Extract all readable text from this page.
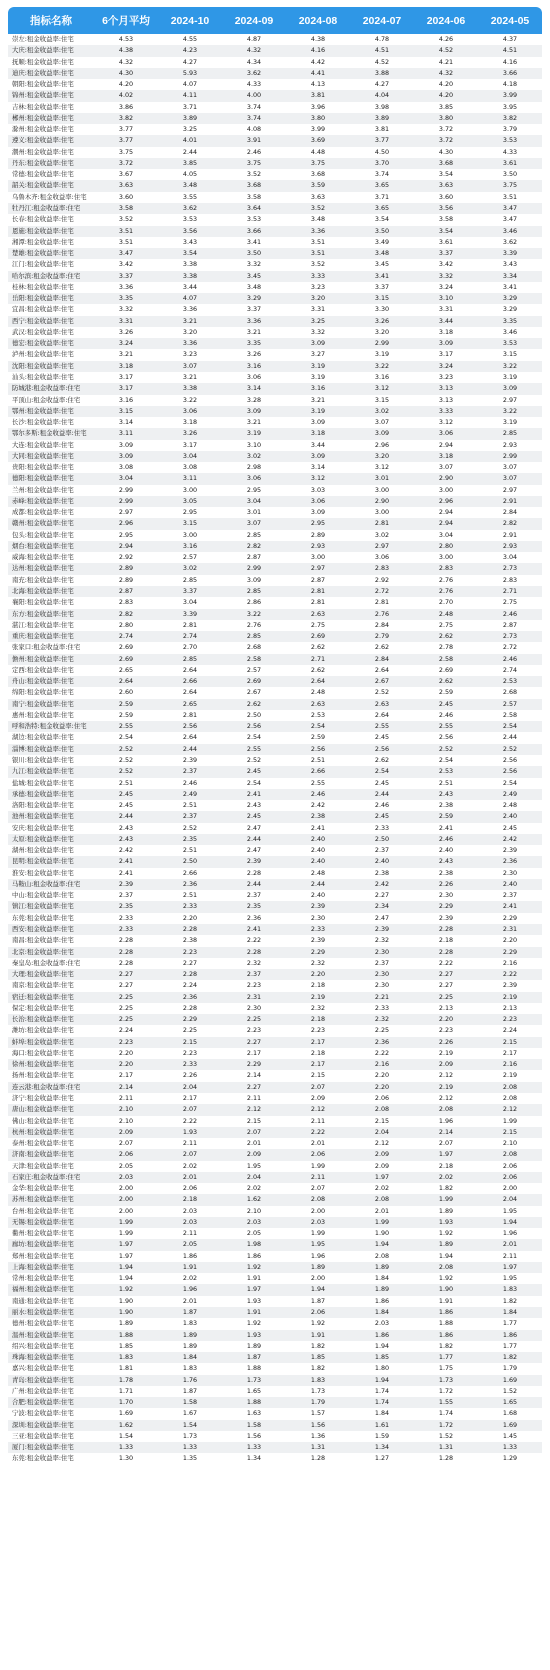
指标名称	6个月平均	2024-10	2024-09	2024-08	2024-07	2024-06	2024-05
崇左:租金收益率:住宅	4.53	4.55	4.87	4.38	4.78	4.26	4.37
大庆:租金收益率:住宅	4.38	4.23	4.32	4.16	4.51	4.52	4.51
抚顺:租金收益率:住宅	4.32	4.27	4.34	4.42	4.52	4.21	4.16
迪庆:租金收益率:住宅	4.30	5.93	3.62	4.41	3.88	4.32	3.66
朝阳:租金收益率:住宅	4.20	4.07	4.33	4.13	4.27	4.20	4.18
锦州:租金收益率:住宅	4.02	4.11	4.00	3.81	4.04	4.20	3.99
吉林:租金收益率:住宅	3.86	3.71	3.74	3.96	3.98	3.85	3.95
郴州:租金收益率:住宅	3.82	3.89	3.74	3.80	3.89	3.80	3.82
滁州:租金收益率:住宅	3.77	3.25	4.08	3.99	3.81	3.72	3.79
遵义:租金收益率:住宅	3.77	4.01	3.91	3.69	3.77	3.72	3.53
潮州:租金收益率:住宅	3.75	2.44	2.46	4.48	4.50	4.30	4.33
丹东:租金收益率:住宅	3.72	3.85	3.75	3.75	3.70	3.68	3.61
常德:租金收益率:住宅	3.67	4.05	3.52	3.68	3.74	3.54	3.50
韶关:租金收益率:住宅	3.63	3.48	3.68	3.59	3.65	3.63	3.75
乌鲁木齐:租金收益率:住宅	3.60	3.55	3.58	3.63	3.71	3.60	3.51
牡丹江:租金收益率:住宅	3.58	3.62	3.64	3.52	3.65	3.56	3.47
长春:租金收益率:住宅	3.52	3.53	3.53	3.48	3.54	3.58	3.47
恩施:租金收益率:住宅	3.51	3.56	3.66	3.36	3.50	3.54	3.46
湘潭:租金收益率:住宅	3.51	3.43	3.41	3.51	3.49	3.61	3.62
楚雄:租金收益率:住宅	3.47	3.54	3.50	3.51	3.48	3.37	3.39
江门:租金收益率:住宅	3.42	3.38	3.32	3.52	3.45	3.42	3.43
哈尔滨:租金收益率:住宅	3.37	3.38	3.45	3.33	3.41	3.32	3.34
桂林:租金收益率:住宅	3.36	3.44	3.48	3.23	3.37	3.24	3.41
岳阳:租金收益率:住宅	3.35	4.07	3.29	3.20	3.15	3.10	3.29
宜昌:租金收益率:住宅	3.32	3.36	3.37	3.31	3.30	3.31	3.29
西宁:租金收益率:住宅	3.31	3.21	3.36	3.25	3.26	3.44	3.35
武汉:租金收益率:住宅	3.26	3.20	3.21	3.32	3.20	3.18	3.46
德宏:租金收益率:住宅	3.24	3.36	3.35	3.09	2.99	3.09	3.53
泸州:租金收益率:住宅	3.21	3.23	3.26	3.27	3.19	3.17	3.15
沈阳:租金收益率:住宅	3.18	3.07	3.16	3.19	3.22	3.24	3.22
汕头:租金收益率:住宅	3.17	3.21	3.06	3.19	3.16	3.23	3.19
防城港:租金收益率:住宅	3.17	3.38	3.14	3.16	3.12	3.13	3.09
平顶山:租金收益率:住宅	3.16	3.22	3.28	3.21	3.15	3.13	2.97
鄂州:租金收益率:住宅	3.15	3.06	3.09	3.19	3.02	3.33	3.22
长沙:租金收益率:住宅	3.14	3.18	3.21	3.09	3.07	3.12	3.19
鄂尔多斯:租金收益率:住宅	3.11	3.26	3.19	3.18	3.09	3.06	2.85
大连:租金收益率:住宅	3.09	3.17	3.10	3.44	2.96	2.94	2.93
大同:租金收益率:住宅	3.09	3.04	3.02	3.09	3.20	3.18	2.99
贵阳:租金收益率:住宅	3.08	3.08	2.98	3.14	3.12	3.07	3.07
德阳:租金收益率:住宅	3.04	3.11	3.06	3.12	3.01	2.90	3.07
兰州:租金收益率:住宅	2.99	3.00	2.95	3.03	3.00	3.00	2.97
赤峰:租金收益率:住宅	2.99	3.05	3.04	3.06	2.90	2.96	2.91
成都:租金收益率:住宅	2.97	2.95	3.01	3.09	3.00	2.94	2.84
赣州:租金收益率:住宅	2.96	3.15	3.07	2.95	2.81	2.94	2.82
包头:租金收益率:住宅	2.95	3.00	2.85	2.89	3.02	3.04	2.91
烟台:租金收益率:住宅	2.94	3.16	2.82	2.93	2.97	2.80	2.93
威海:租金收益率:住宅	2.92	2.57	2.87	3.00	3.06	3.00	3.04
达州:租金收益率:住宅	2.89	3.02	2.99	2.97	2.83	2.83	2.73
南充:租金收益率:住宅	2.89	2.85	3.09	2.87	2.92	2.76	2.83
北海:租金收益率:住宅	2.87	3.37	2.85	2.81	2.72	2.76	2.71
襄阳:租金收益率:住宅	2.83	3.04	2.86	2.81	2.81	2.70	2.75
东方:租金收益率:住宅	2.82	3.39	3.22	2.63	2.76	2.48	2.46
湛江:租金收益率:住宅	2.80	2.81	2.76	2.75	2.84	2.75	2.87
重庆:租金收益率:住宅	2.74	2.74	2.85	2.69	2.79	2.62	2.73
张家口:租金收益率:住宅	2.69	2.70	2.68	2.62	2.62	2.78	2.72
儋州:租金收益率:住宅	2.69	2.85	2.58	2.71	2.84	2.58	2.46
定西:租金收益率:住宅	2.65	2.64	2.57	2.62	2.64	2.69	2.74
舟山:租金收益率:住宅	2.64	2.66	2.69	2.64	2.67	2.62	2.53
绵阳:租金收益率:住宅	2.60	2.64	2.67	2.48	2.52	2.59	2.68
南宁:租金收益率:住宅	2.59	2.65	2.62	2.63	2.63	2.45	2.57
惠州:租金收益率:住宅	2.59	2.81	2.50	2.53	2.64	2.46	2.58
呼和浩特:租金收益率:住宅	2.55	2.56	2.56	2.54	2.55	2.55	2.54
湖边:租金收益率:住宅	2.54	2.64	2.54	2.59	2.45	2.56	2.44
淄博:租金收益率:住宅	2.52	2.44	2.55	2.56	2.56	2.52	2.52
银川:租金收益率:住宅	2.52	2.39	2.52	2.51	2.62	2.54	2.56
九江:租金收益率:住宅	2.52	2.37	2.45	2.66	2.54	2.53	2.56
盐城:租金收益率:住宅	2.51	2.46	2.54	2.55	2.45	2.51	2.54
承德:租金收益率:住宅	2.45	2.49	2.41	2.46	2.44	2.43	2.49
洛阳:租金收益率:住宅	2.45	2.51	2.43	2.42	2.46	2.38	2.48
池州:租金收益率:住宅	2.44	2.37	2.45	2.38	2.45	2.59	2.40
安庆:租金收益率:住宅	2.43	2.52	2.47	2.41	2.33	2.41	2.45
太原:租金收益率:住宅	2.43	2.35	2.44	2.40	2.50	2.46	2.42
湖州:租金收益率:住宅	2.42	2.51	2.47	2.40	2.37	2.40	2.39
昆明:租金收益率:住宅	2.41	2.50	2.39	2.40	2.40	2.43	2.36
淮安:租金收益率:住宅	2.41	2.66	2.28	2.48	2.38	2.38	2.30
马鞍山:租金收益率:住宅	2.39	2.36	2.44	2.44	2.42	2.26	2.40
中山:租金收益率:住宅	2.37	2.51	2.37	2.40	2.27	2.30	2.37
镇江:租金收益率:住宅	2.35	2.33	2.35	2.39	2.34	2.29	2.41
东莞:租金收益率:住宅	2.33	2.20	2.36	2.30	2.47	2.39	2.29
西安:租金收益率:住宅	2.33	2.28	2.41	2.33	2.39	2.28	2.31
南昌:租金收益率:住宅	2.28	2.38	2.22	2.39	2.32	2.18	2.20
北京:租金收益率:住宅	2.28	2.23	2.28	2.29	2.30	2.28	2.29
秦皇岛:租金收益率:住宅	2.28	2.27	2.32	2.32	2.37	2.22	2.16
大理:租金收益率:住宅	2.27	2.28	2.37	2.20	2.30	2.27	2.22
南京:租金收益率:住宅	2.27	2.24	2.23	2.18	2.30	2.27	2.39
宿迁:租金收益率:住宅	2.25	2.36	2.31	2.19	2.21	2.25	2.19
保定:租金收益率:住宅	2.25	2.28	2.30	2.32	2.33	2.13	2.13
长治:租金收益率:住宅	2.25	2.29	2.25	2.18	2.32	2.20	2.23
潍坊:租金收益率:住宅	2.24	2.25	2.23	2.23	2.25	2.23	2.24
蚌埠:租金收益率:住宅	2.23	2.15	2.27	2.17	2.36	2.26	2.15
海口:租金收益率:住宅	2.20	2.23	2.17	2.18	2.22	2.19	2.17
徐州:租金收益率:住宅	2.20	2.33	2.29	2.17	2.16	2.09	2.16
扬州:租金收益率:住宅	2.17	2.26	2.14	2.15	2.20	2.12	2.19
连云港:租金收益率:住宅	2.14	2.04	2.27	2.07	2.20	2.19	2.08
济宁:租金收益率:住宅	2.11	2.17	2.11	2.09	2.06	2.12	2.08
唐山:租金收益率:住宅	2.10	2.07	2.12	2.12	2.08	2.08	2.12
佛山:租金收益率:住宅	2.10	2.22	2.15	2.11	2.15	1.96	1.99
杭州:租金收益率:住宅	2.09	1.93	2.07	2.22	2.04	2.14	2.15
泰州:租金收益率:住宅	2.07	2.11	2.01	2.01	2.12	2.07	2.10
济南:租金收益率:住宅	2.06	2.07	2.09	2.06	2.09	1.97	2.08
天津:租金收益率:住宅	2.05	2.02	1.95	1.99	2.09	2.18	2.06
石家庄:租金收益率:住宅	2.03	2.01	2.04	2.11	1.97	2.02	2.06
金华:租金收益率:住宅	2.00	2.06	2.02	2.07	2.02	1.82	2.00
苏州:租金收益率:住宅	2.00	2.18	1.62	2.08	2.08	1.99	2.04
台州:租金收益率:住宅	2.00	2.03	2.10	2.00	2.01	1.89	1.95
无锡:租金收益率:住宅	1.99	2.03	2.03	2.03	1.99	1.93	1.94
衢州:租金收益率:住宅	1.99	2.11	2.05	1.99	1.90	1.92	1.96
廊坊:租金收益率:住宅	1.97	2.05	1.98	1.95	1.94	1.89	2.01
郑州:租金收益率:住宅	1.97	1.86	1.86	1.96	2.08	1.94	2.11
上海:租金收益率:住宅	1.94	1.91	1.92	1.89	1.89	2.08	1.97
常州:租金收益率:住宅	1.94	2.02	1.91	2.00	1.84	1.92	1.95
福州:租金收益率:住宅	1.92	1.96	1.97	1.94	1.89	1.90	1.83
南通:租金收益率:住宅	1.90	2.01	1.93	1.87	1.86	1.91	1.82
丽水:租金收益率:住宅	1.90	1.87	1.91	2.06	1.84	1.86	1.84
德州:租金收益率:住宅	1.89	1.83	1.92	1.92	2.03	1.88	1.77
温州:租金收益率:住宅	1.88	1.89	1.93	1.91	1.86	1.86	1.86
绍兴:租金收益率:住宅	1.85	1.89	1.89	1.82	1.94	1.82	1.77
珠海:租金收益率:住宅	1.83	1.84	1.87	1.85	1.85	1.77	1.82
嘉兴:租金收益率:住宅	1.81	1.83	1.88	1.82	1.80	1.75	1.79
青岛:租金收益率:住宅	1.78	1.76	1.73	1.83	1.94	1.73	1.69
广州:租金收益率:住宅	1.71	1.87	1.65	1.73	1.74	1.72	1.52
合肥:租金收益率:住宅	1.70	1.58	1.88	1.79	1.74	1.55	1.65
宁波:租金收益率:住宅	1.69	1.67	1.63	1.57	1.84	1.74	1.68
深圳:租金收益率:住宅	1.62	1.54	1.58	1.56	1.61	1.72	1.69
三亚:租金收益率:住宅	1.54	1.73	1.56	1.36	1.59	1.52	1.45
厦门:租金收益率:住宅	1.33	1.33	1.33	1.31	1.34	1.31	1.33
东莞:租金收益率:住宅	1.30	1.35	1.34	1.28	1.27	1.28	1.29
